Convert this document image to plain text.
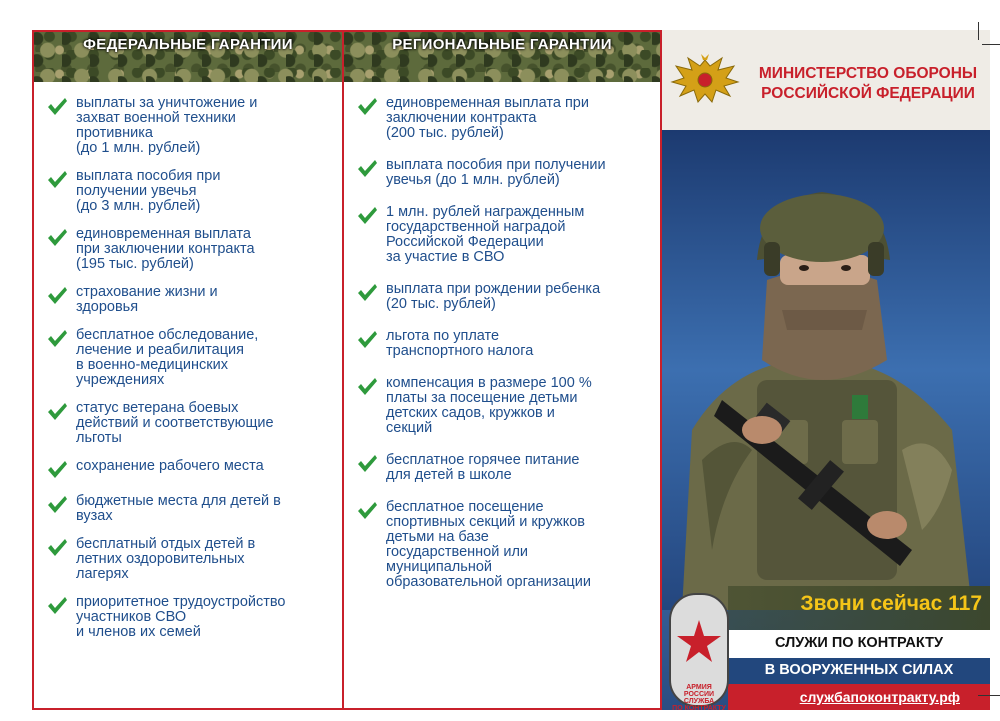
ФЕДЕРАЛЬНЫЕ ГАРАНТИИ
выплаты за уничтожение и
захват военной техники
противника
(до 1 млн. рублей)
выплата пособия при
получении увечья
(до 3 млн. рублей)
единовременная выплата
при заключении контракта
(195 тыс. рублей)
страхование жизни и
здоровья
бесплатное обследование,
лечение и реабилитация
в военно-медицинских
учреждениях
статус ветерана боевых
действий и соответствующие
льготы
сохранение рабочего места
бюджетные места для детей в
вузах
бесплатный отдых детей в
летних оздоровительных
лагерях
приоритетное трудоустройство
участников СВО
и членов их семей
РЕГИОНАЛЬНЫЕ ГАРАНТИИ
единовременная выплата при
заключении контракта
(200 тыс. рублей)
выплата пособия при получении
увечья (до 1 млн. рублей)
1 млн. рублей награжденным
государственной наградой
Российской Федерации
за участие в СВО
выплата при рождении ребенка
(20 тыс. рублей)
льгота по уплате
транспортного налога
компенсация в размере 100 %
платы за посещение детьми
детских садов, кружков и
секций
бесплатное горячее питание
для детей в школе
бесплатное посещение
спортивных секций и кружков
детьми на базе
государственной или
муниципальной
образовательной организации
МИНИСТЕРСТВО ОБОРОНЫ РОССИЙСКОЙ ФЕДЕРАЦИИ
Звони сейчас 117
СЛУЖИ ПО КОНТРАКТУ
В ВООРУЖЕННЫХ СИЛАХ
службапоконтракту.рф
АРМИЯ
РОССИИ
СЛУЖБА
ПО КОНТРАКТУ
